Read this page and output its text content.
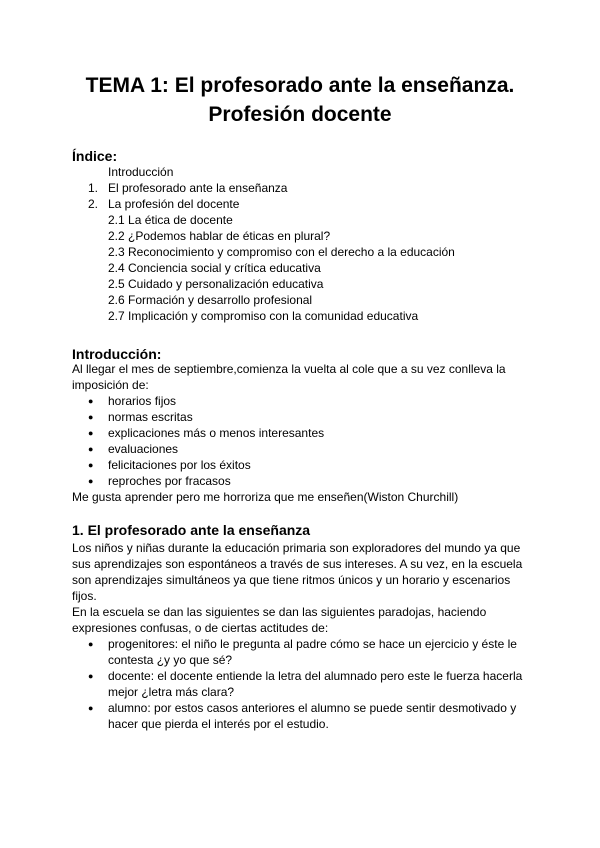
TEMA 1: El profesorado ante la enseñanza.
Profesión docente
Índice:

Introducción

1. El profesorado ante la enseñanza

2. La profesión del docente

2.1 La ética de docente

2.2 ¿Podemos hablar de éticas en plural?

2.3 Reconocimiento y compromiso con el derecho a la educación

2.4 Conciencia social y crítica educativa

2.5 Cuidado y personalización educativa

2.6 Formación y desarrollo profesional

2.7 Implicación y compromiso con la comunidad educativa

Introducción:

Al llegar el mes de septiembre,comienza la vuelta al cole que a su vez conlleva la

imposición de:

● horarios fijos

● normas escritas

● explicaciones más o menos interesantes

● evaluaciones

● felicitaciones por los éxitos

● reproches por fracasos

Me gusta aprender pero me horroriza que me enseñen(Wiston Churchill)

1. El profesorado ante la enseñanza

Los niños y niñas durante la educación primaria son exploradores del mundo ya que sus aprendizajes son espontáneos a través de sus intereses. A su vez, en la escuela son aprendizajes simultáneos ya que tiene ritmos únicos y un horario y escenarios fijos.

En la escuela se dan las siguientes se dan las siguientes paradojas, haciendo expresiones confusas, o de ciertas actitudes de:

● progenitores: el niño le pregunta al padre cómo se hace un ejercicio y éste le contesta ¿y yo que sé?

● docente: el docente entiende la letra del alumnado pero este le fuerza hacerla mejor ¿letra más clara?

● alumno: por estos casos anteriores el alumno se puede sentir desmotivado y hacer que pierda el interés por el estudio.
